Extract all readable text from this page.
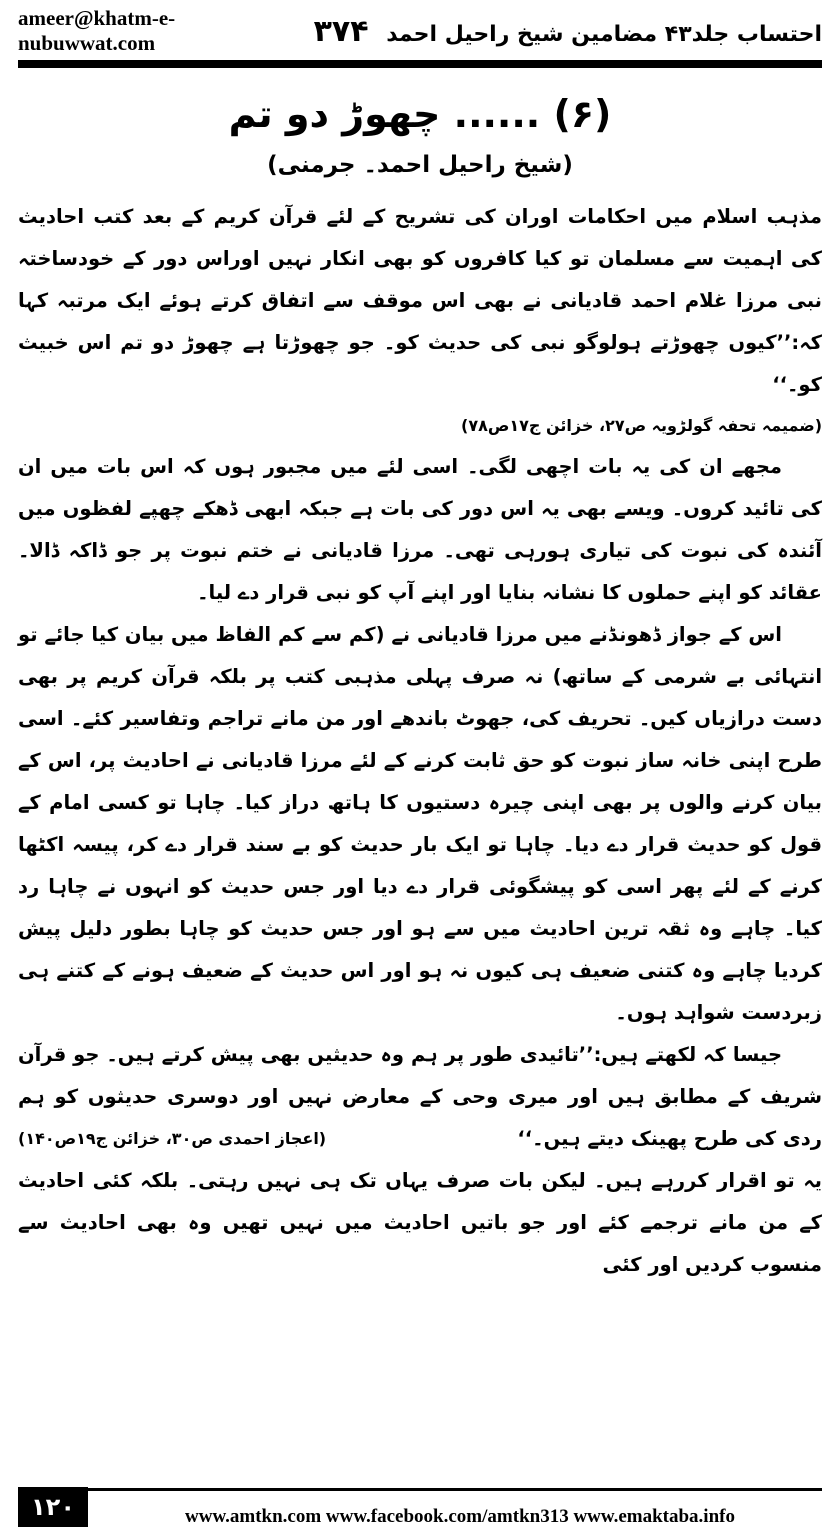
ameer@khatm-e-nubuwwat.com	احتساب جلد۴۳ مضامین شیخ راحیل احمد ۳۷۴
(۶) ...... چھوڑ دو تم
(شیخ راحیل احمد۔ جرمنی)

مذہب اسلام میں احکامات اوران کی تشریح کے لئے قرآن کریم کے بعد کتب احادیث کی اہمیت سے مسلمان تو کیا کافروں کو بھی انکار نہیں اوراس دور کے خودساختہ نبی مرزا غلام احمد قادیانی نے بھی اس موقف سے اتفاق کرتے ہوئے ایک مرتبہ کہا کہ:’’کیوں چھوڑتے ہولوگو نبی کی حدیث کو۔ جو چھوڑتا ہے چھوڑ دو تم اس خبیث کو۔‘‘

(ضمیمہ تحفہ گولڑویہ ص۲۷، خزائن ج۱۷ص۷۸)

مجھے ان کی یہ بات اچھی لگی۔ اسی لئے میں مجبور ہوں کہ اس بات میں ان کی تائید کروں۔ ویسے بھی یہ اس دور کی بات ہے جبکہ ابھی ڈھکے چھپے لفظوں میں آئندہ کی نبوت کی تیاری ہورہی تھی۔ مرزا قادیانی نے ختم نبوت پر جو ڈاکہ ڈالا۔ عقائد کو اپنے حملوں کا نشانہ بنایا اور اپنے آپ کو نبی قرار دے لیا۔

اس کے جواز ڈھونڈنے میں مرزا قادیانی نے (کم سے کم الفاظ میں بیان کیا جائے تو انتہائی بے شرمی کے ساتھ) نہ صرف پہلی مذہبی کتب پر بلکہ قرآن کریم پر بھی دست درازیاں کیں۔ تحریف کی، جھوٹ باندھے اور من مانے تراجم وتفاسیر کئے۔ اسی طرح اپنی خانہ ساز نبوت کو حق ثابت کرنے کے لئے مرزا قادیانی نے احادیث پر، اس کے بیان کرنے والوں پر بھی اپنی چیرہ دستیوں کا ہاتھ دراز کیا۔ چاہا تو کسی امام کے قول کو حدیث قرار دے دیا۔ چاہا تو ایک بار حدیث کو بے سند قرار دے کر، پیسہ اکٹھا کرنے کے لئے پھر اسی کو پیشگوئی قرار دے دیا اور جس حدیث کو انہوں نے چاہا رد کیا۔ چاہے وہ ثقہ ترین احادیث میں سے ہو اور جس حدیث کو چاہا بطور دلیل پیش کردیا چاہے وہ کتنی ضعیف ہی کیوں نہ ہو اور اس حدیث کے ضعیف ہونے کے کتنے ہی زبردست شواہد ہوں۔

جیسا کہ لکھتے ہیں:’’تائیدی طور پر ہم وہ حدیثیں بھی پیش کرتے ہیں۔ جو قرآن شریف کے مطابق ہیں اور میری وحی کے معارض نہیں اور دوسری حدیثوں کو ہم ردی کی طرح پھینک دیتے ہیں۔‘‘
(اعجاز احمدی ص۳۰، خزائن ج۱۹ص۱۴۰)

یہ تو اقرار کررہے ہیں۔ لیکن بات صرف یہاں تک ہی نہیں رہتی۔ بلکہ کئی احادیث کے من مانے ترجمے کئے اور جو باتیں احادیث میں نہیں تھیں وہ بھی احادیث سے منسوب کردیں اور کئی

۱۲۰	www.amtkn.com www.facebook.com/amtkn313 www.emaktaba.info
